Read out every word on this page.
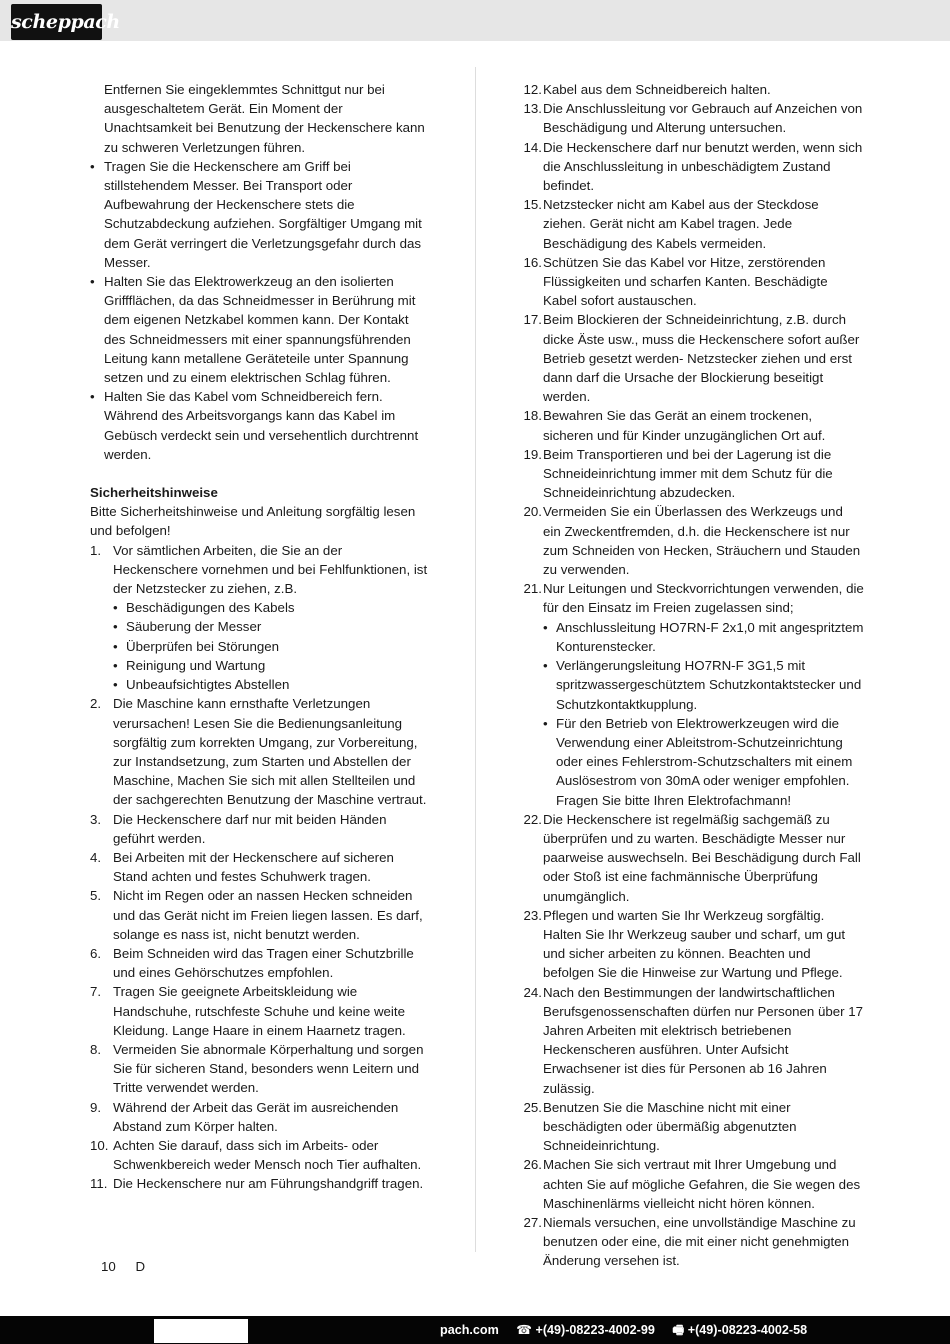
scheppach

Entfernen Sie eingeklemmtes Schnittgut nur bei ausgeschaltetem Gerät. Ein Moment der Unachtsamkeit bei Benutzung der Heckenschere kann zu schweren Verletzungen führen.

• Tragen Sie die Heckenschere am Griff bei stillstehendem Messer. Bei Transport oder Aufbewahrung der Heckenschere stets die Schutzabdeckung aufziehen. Sorgfältiger Umgang mit dem Gerät verringert die Verletzungsgefahr durch das Messer.
• Halten Sie das Elektrowerkzeug an den isolierten Griffflächen, da das Schneidmesser in Berührung mit dem eigenen Netzkabel kommen kann. Der Kontakt des Schneidmessers mit einer spannungsführenden Leitung kann metallene Geräteteile unter Spannung setzen und zu einem elektrischen Schlag führen.
• Halten Sie das Kabel vom Schneidbereich fern. Während des Arbeitsvorgangs kann das Kabel im Gebüsch verdeckt sein und versehentlich durchtrennt werden.
Sicherheitshinweise

Bitte Sicherheitshinweise und Anleitung sorgfältig lesen und befolgen!

1. Vor sämtlichen Arbeiten, die Sie an der Heckenschere vornehmen und bei Fehlfunktionen, ist der Netzstecker zu ziehen, z.B.
• Beschädigungen des Kabels
• Säuberung der Messer
• Überprüfen bei Störungen
• Reinigung und Wartung
• Unbeaufsichtigtes Abstellen
2. Die Maschine kann ernsthafte Verletzungen verursachen! Lesen Sie die Bedienungsanleitung sorgfältig zum korrekten Umgang, zur Vorbereitung, zur Instandsetzung, zum Starten und Abstellen der Maschine, Machen Sie sich mit allen Stellteilen und der sachgerechten Benutzung der Maschine vertraut.
3. Die Heckenschere darf nur mit beiden Händen geführt werden.
4. Bei Arbeiten mit der Heckenschere auf sicheren Stand achten und festes Schuhwerk tragen.
5. Nicht im Regen oder an nassen Hecken schneiden und das Gerät nicht im Freien liegen lassen. Es darf, solange es nass ist, nicht benutzt werden.
6. Beim Schneiden wird das Tragen einer Schutzbrille und eines Gehörschutzes empfohlen.
7. Tragen Sie geeignete Arbeitskleidung wie Handschuhe, rutschfeste Schuhe und keine weite Kleidung. Lange Haare in einem Haarnetz tragen.
8. Vermeiden Sie abnormale Körperhaltung und sorgen Sie für sicheren Stand, besonders wenn Leitern und Tritte verwendet werden.
9. Während der Arbeit das Gerät im ausreichenden Abstand zum Körper halten.
10. Achten Sie darauf, dass sich im Arbeits- oder Schwenkbereich weder Mensch noch Tier aufhalten.
11. Die Heckenschere nur am Führungshandgriff tragen.
12. Kabel aus dem Schneidbereich halten.
13. Die Anschlussleitung vor Gebrauch auf Anzeichen von Beschädigung und Alterung untersuchen.
14. Die Heckenschere darf nur benutzt werden, wenn sich die Anschlussleitung in unbeschädigtem Zustand befindet.
15. Netzstecker nicht am Kabel aus der Steckdose ziehen. Gerät nicht am Kabel tragen. Jede Beschädigung des Kabels vermeiden.
16. Schützen Sie das Kabel vor Hitze, zerstörenden Flüssigkeiten und scharfen Kanten. Beschädigte Kabel sofort austauschen.
17. Beim Blockieren der Schneideinrichtung, z.B. durch dicke Äste usw., muss die Heckenschere sofort außer Betrieb gesetzt werden- Netzstecker ziehen und erst dann darf die Ursache der Blockierung beseitigt werden.
18. Bewahren Sie das Gerät an einem trockenen, sicheren und für Kinder unzugänglichen Ort auf.
19. Beim Transportieren und bei der Lagerung ist die Schneideinrichtung immer mit dem Schutz für die Schneideinrichtung abzudecken.
20. Vermeiden Sie ein Überlassen des Werkzeugs und ein Zweckentfremden, d.h. die Heckenschere ist nur zum Schneiden von Hecken, Sträuchern und Stauden zu verwenden.
21. Nur Leitungen und Steckvorrichtungen verwenden, die für den Einsatz im Freien zugelassen sind;
• Anschlussleitung HO7RN-F 2x1,0 mit angespritztem Konturenstecker.
• Verlängerungsleitung HO7RN-F 3G1,5 mit spritzwassergeschütztem Schutzkontaktstecker und Schutzkontaktkupplung.
• Für den Betrieb von Elektrowerkzeugen wird die Verwendung einer Ableitstrom-Schutzeinrichtung oder eines Fehlerstrom-Schutzschalters mit einem Auslösestrom von 30mA oder weniger empfohlen. Fragen Sie bitte Ihren Elektrofachmann!
22. Die Heckenschere ist regelmäßig sachgemäß zu überprüfen und zu warten. Beschädigte Messer nur paarweise auswechseln. Bei Beschädigung durch Fall oder Stoß ist eine fachmännische Überprüfung unumgänglich.
23. Pflegen und warten Sie Ihr Werkzeug sorgfältig. Halten Sie Ihr Werkzeug sauber und scharf, um gut und sicher arbeiten zu können. Beachten und befolgen Sie die Hinweise zur Wartung und Pflege.
24. Nach den Bestimmungen der landwirtschaftlichen Berufsgenossenschaften dürfen nur Personen über 17 Jahren Arbeiten mit elektrisch betriebenen Heckenscheren ausführen. Unter Aufsicht Erwachsener ist dies für Personen ab 16 Jahren zulässig.
25. Benutzen Sie die Maschine nicht mit einer beschädigten oder übermäßig abgenutzten Schneideinrichtung.
26. Machen Sie sich vertraut mit Ihrer Umgebung und achten Sie auf mögliche Gefahren, die Sie wegen des Maschinenlärms vielleicht nicht hören können.
27. Niemals versuchen, eine unvollständige Maschine zu benutzen oder eine, die mit einer nicht genehmigten Änderung versehen ist.
10 D
pach.com ☎ +(49)-08223-4002-99 🖷 +(49)-08223-4002-58
